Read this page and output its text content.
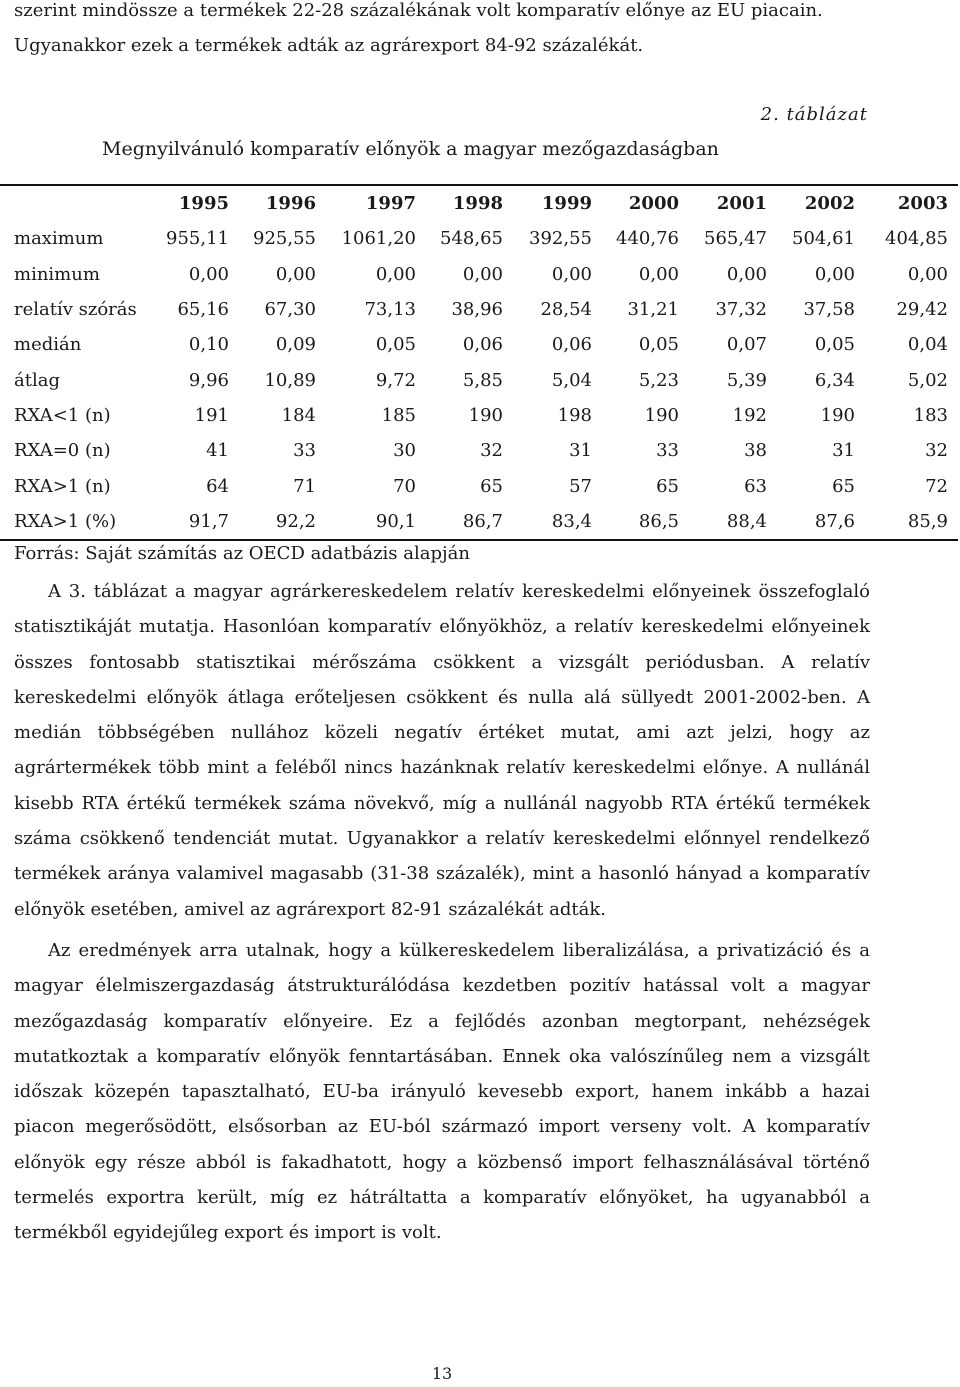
szerint mindössze a termékek 22-28 százalékának volt komparatív előnye az EU piacain.
Ugyanakkor ezek a termékek adták az agrárexport 84-92 százalékát.
2. táblázat
Megnyilvánuló komparatív előnyök a magyar mezőgazdaságban
	1995	1996	1997	1998	1999	2000	2001	2002	2003
maximum	955,11	925,55	1061,20	548,65	392,55	440,76	565,47	504,61	404,85
minimum	0,00	0,00	0,00	0,00	0,00	0,00	0,00	0,00	0,00
relatív szórás	65,16	67,30	73,13	38,96	28,54	31,21	37,32	37,58	29,42
medián	0,10	0,09	0,05	0,06	0,06	0,05	0,07	0,05	0,04
átlag	9,96	10,89	9,72	5,85	5,04	5,23	5,39	6,34	5,02
RXA<1 (n)	191	184	185	190	198	190	192	190	183
RXA=0 (n)	41	33	30	32	31	33	38	31	32
RXA>1 (n)	64	71	70	65	57	65	63	65	72
RXA>1 (%)	91,7	92,2	90,1	86,7	83,4	86,5	88,4	87,6	85,9
Forrás: Saját számítás az OECD adatbázis alapján
A 3. táblázat a magyar agrárkereskedelem relatív kereskedelmi előnyeinek összefoglaló
statisztikáját mutatja. Hasonlóan komparatív előnyökhöz, a relatív kereskedelmi előnyeinek
összes fontosabb statisztikai mérőszáma csökkent a vizsgált periódusban. A relatív
kereskedelmi előnyök átlaga erőteljesen csökkent és nulla alá süllyedt 2001-2002-ben. A
medián többségében nullához közeli negatív értéket mutat, ami azt jelzi, hogy az
agrártermékek több mint a feléből nincs hazánknak relatív kereskedelmi előnye. A nullánál
kisebb RTA értékű termékek száma növekvő, míg a nullánál nagyobb RTA értékű termékek
száma csökkenő tendenciát mutat. Ugyanakkor a relatív kereskedelmi előnnyel rendelkező
termékek aránya valamivel magasabb (31-38 százalék), mint a hasonló hányad a komparatív
előnyök esetében, amivel az agrárexport 82-91 százalékát adták.
Az eredmények arra utalnak, hogy a külkereskedelem liberalizálása, a privatizáció és a
magyar élelmiszergazdaság átstrukturálódása kezdetben pozitív hatással volt a magyar
mezőgazdaság komparatív előnyeire. Ez a fejlődés azonban megtorpant, nehézségek
mutatkoztak a komparatív előnyök fenntartásában. Ennek oka valószínűleg nem a vizsgált
időszak közepén tapasztalható, EU-ba irányuló kevesebb export, hanem inkább a hazai
piacon megerősödött, elsősorban az EU-ból származó import verseny volt. A komparatív
előnyök egy része abból is fakadhatott, hogy a közbenső import felhasználásával történő
termelés exportra került, míg ez hátráltatta a komparatív előnyöket, ha ugyanabból a
termékből egyidejűleg export és import is volt.
13
